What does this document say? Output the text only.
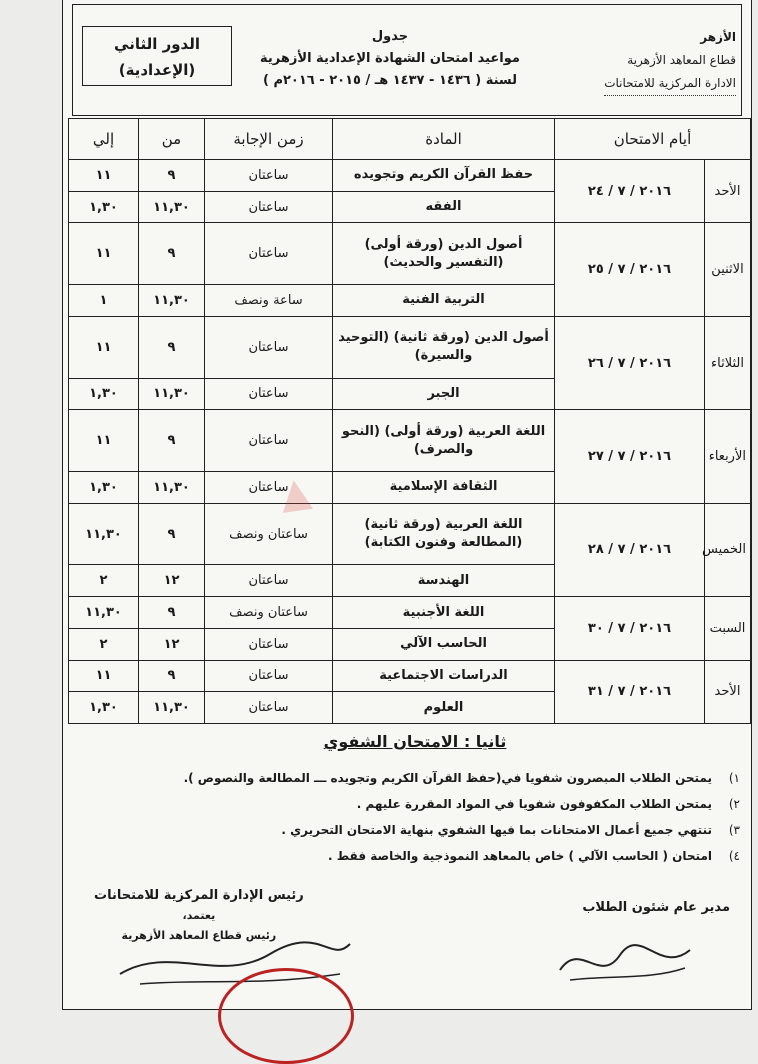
الأزهر
قطاع المعاهد الأزهرية
الادارة المركزية للامتحانات
جدول
مواعيد امتحان الشهادة الإعدادية الأزهرية
لسنة ( ١٤٣٦ - ١٤٣٧ هـ / ٢٠١٥ - ٢٠١٦م )
الدور الثاني
(الإعدادية)
أيام الامتحان		المادة	زمن الإجابة	من	إلي
الأحد	٢٠١٦ / ٧ / ٢٤	حفظ القرآن الكريم وتجويده	ساعتان	٩	١١
		الفقه	ساعتان	١١,٣٠	١,٣٠
الاثنين	٢٠١٦ / ٧ / ٢٥	أصول الدين (ورقة أولى) (التفسير والحديث)	ساعتان	٩	١١
		التربية الفنية	ساعة ونصف	١١,٣٠	١
الثلاثاء	٢٠١٦ / ٧ / ٢٦	أصول الدين (ورقة ثانية) (التوحيد والسيرة)	ساعتان	٩	١١
		الجبر	ساعتان	١١,٣٠	١,٣٠
الأربعاء	٢٠١٦ / ٧ / ٢٧	اللغة العربية (ورقة أولى) (النحو والصرف)	ساعتان	٩	١١
		الثقافة الإسلامية	ساعتان	١١,٣٠	١,٣٠
الخميس	٢٠١٦ / ٧ / ٢٨	اللغة العربية (ورقة ثانية) (المطالعة وفنون الكتابة)	ساعتان ونصف	٩	١١,٣٠
		الهندسة	ساعتان	١٢	٢
السبت	٢٠١٦ / ٧ / ٣٠	اللغة الأجنبية	ساعتان ونصف	٩	١١,٣٠
		الحاسب الآلي	ساعتان	١٢	٢
الأحد	٢٠١٦ / ٧ / ٣١	الدراسات الاجتماعية	ساعتان	٩	١١
		العلوم	ساعتان	١١,٣٠	١,٣٠
ثانيا : الامتحان الشفوي
١)
يمتحن الطلاب المبصرون شفويا في(حفظ القرآن الكريم وتجويده ـــ المطالعة والنصوص ).
٢)
يمتحن الطلاب المكفوفون شفويا في المواد المقررة عليهم .
٣)
تنتهي جميع أعمال الامتحانات بما فيها الشفوي بنهاية الامتحان التحريري .
٤)
امتحان ( الحاسب الآلي ) خاص بالمعاهد النموذجية والخاصة فقط .
مدير عام شئون الطلاب
رئيس الإدارة المركزية للامتحانات
يعتمد،
رئيس قطاع المعاهد الأزهرية
▲
